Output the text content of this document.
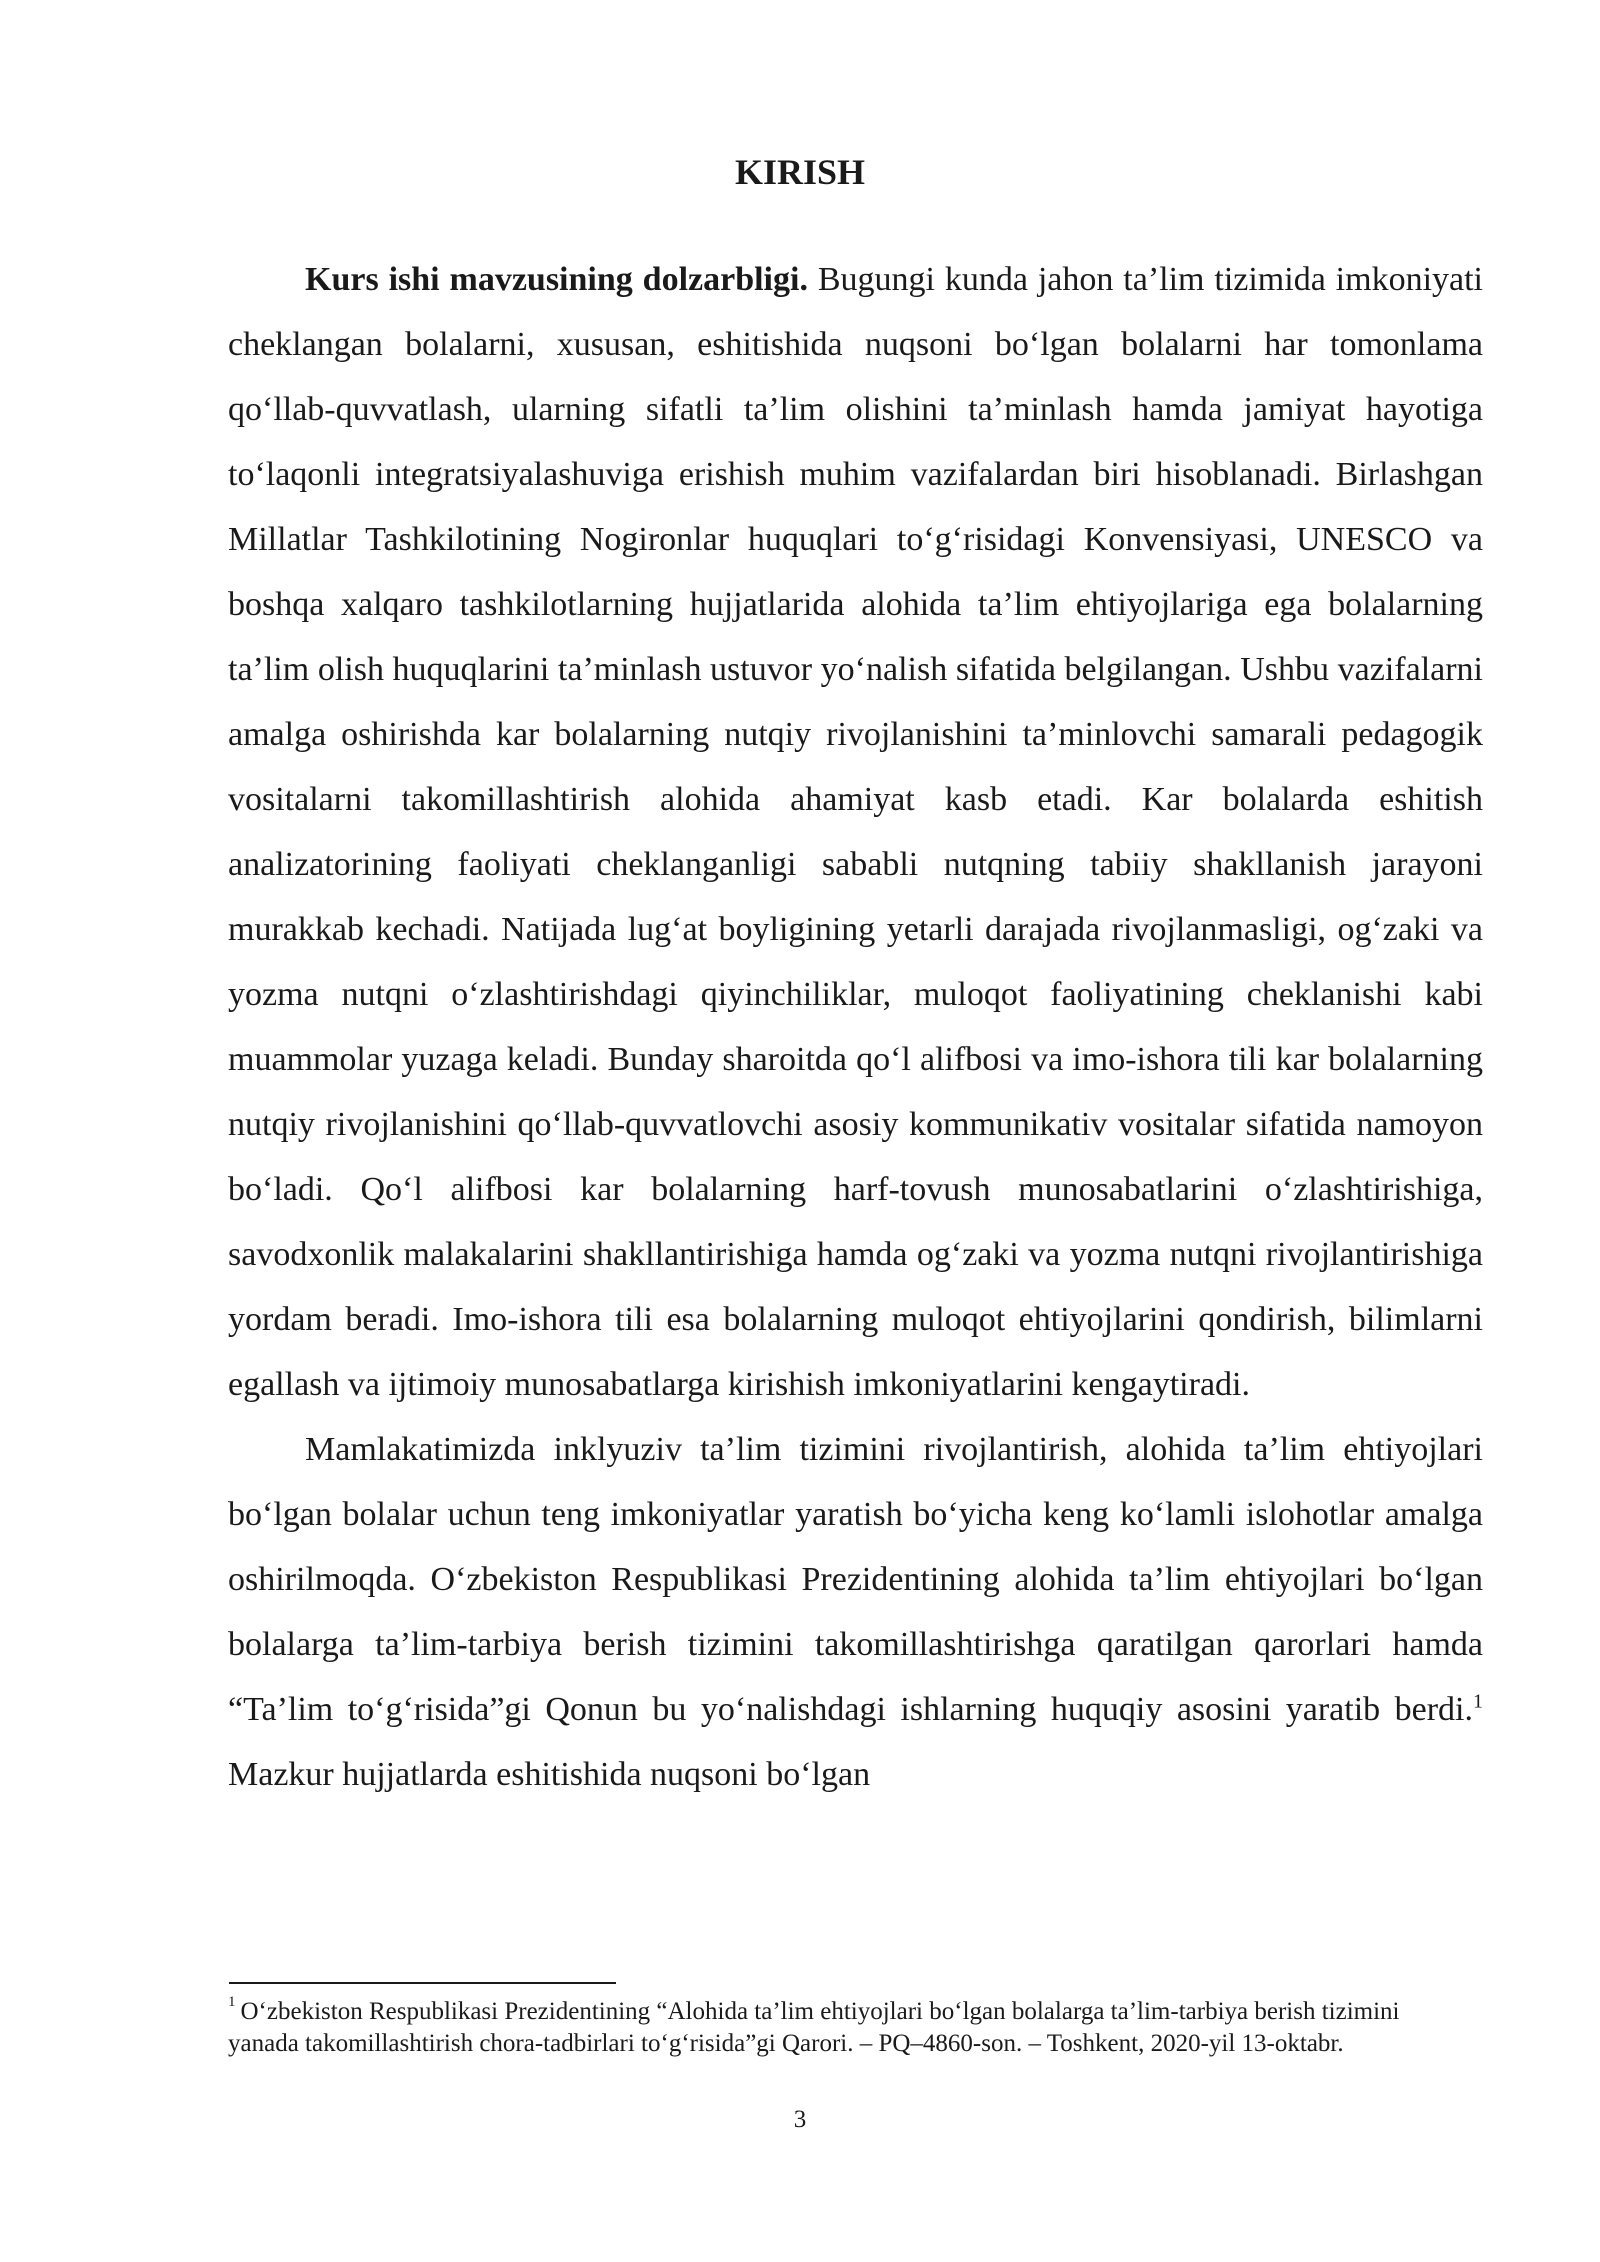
KIRISH

Kurs ishi mavzusining dolzarbligi. Bugungi kunda jahon ta’lim tizimida imkoniyati cheklangan bolalarni, xususan, eshitishida nuqsoni bo‘lgan bolalarni har tomonlama qo‘llab-quvvatlash, ularning sifatli ta’lim olishini ta’minlash hamda jamiyat hayotiga to‘laqonli integratsiyalashuviga erishish muhim vazifalardan biri hisoblanadi. Birlashgan Millatlar Tashkilotining Nogironlar huquqlari to‘g‘risidagi Konvensiyasi, UNESCO va boshqa xalqaro tashkilotlarning hujjatlarida alohida ta’lim ehtiyojlariga ega bolalarning ta’lim olish huquqlarini ta’minlash ustuvor yo‘nalish sifatida belgilangan. Ushbu vazifalarni amalga oshirishda kar bolalarning nutqiy rivojlanishini ta’minlovchi samarali pedagogik vositalarni takomillashtirish alohida ahamiyat kasb etadi. Kar bolalarda eshitish analizatorining faoliyati cheklanganligi sababli nutqning tabiiy shakllanish jarayoni murakkab kechadi. Natijada lug‘at boyligining yetarli darajada rivojlanmasligi, og‘zaki va yozma nutqni o‘zlashtirishdagi qiyinchiliklar, muloqot faoliyatining cheklanishi kabi muammolar yuzaga keladi. Bunday sharoitda qo‘l alifbosi va imo-ishora tili kar bolalarning nutqiy rivojlanishini qo‘llab-quvvatlovchi asosiy kommunikativ vositalar sifatida namoyon bo‘ladi. Qo‘l alifbosi kar bolalarning harf-tovush munosabatlarini o‘zlashtirishiga, savodxonlik malakalarini shakllantirishiga hamda og‘zaki va yozma nutqni rivojlantirishiga yordam beradi. Imo-ishora tili esa bolalarning muloqot ehtiyojlarini qondirish, bilimlarni egallash va ijtimoiy munosabatlarga kirishish imkoniyatlarini kengaytiradi.

Mamlakatimizda inklyuziv ta’lim tizimini rivojlantirish, alohida ta’lim ehtiyojlari bo‘lgan bolalar uchun teng imkoniyatlar yaratish bo‘yicha keng ko‘lamli islohotlar amalga oshirilmoqda. O‘zbekiston Respublikasi Prezidentining alohida ta’lim ehtiyojlari bo‘lgan bolalarga ta’lim-tarbiya berish tizimini takomillashtirishga qaratilgan qarorlari hamda “Ta’lim to‘g‘risida”gi Qonun bu yo‘nalishdagi ishlarning huquqiy asosini yaratib berdi.$^1$ Mazkur hujjatlarda eshitishida nuqsoni bo‘lgan

$^1$ O‘zbekiston Respublikasi Prezidentining “Alohida ta’lim ehtiyojlari bo‘lgan bolalarga ta’lim-tarbiya berish tizimini yanada takomillashtirish chora-tadbirlari to‘g‘risida”gi Qarori. – PQ–4860-son. – Toshkent, 2020-yil 13-oktabr.

3
